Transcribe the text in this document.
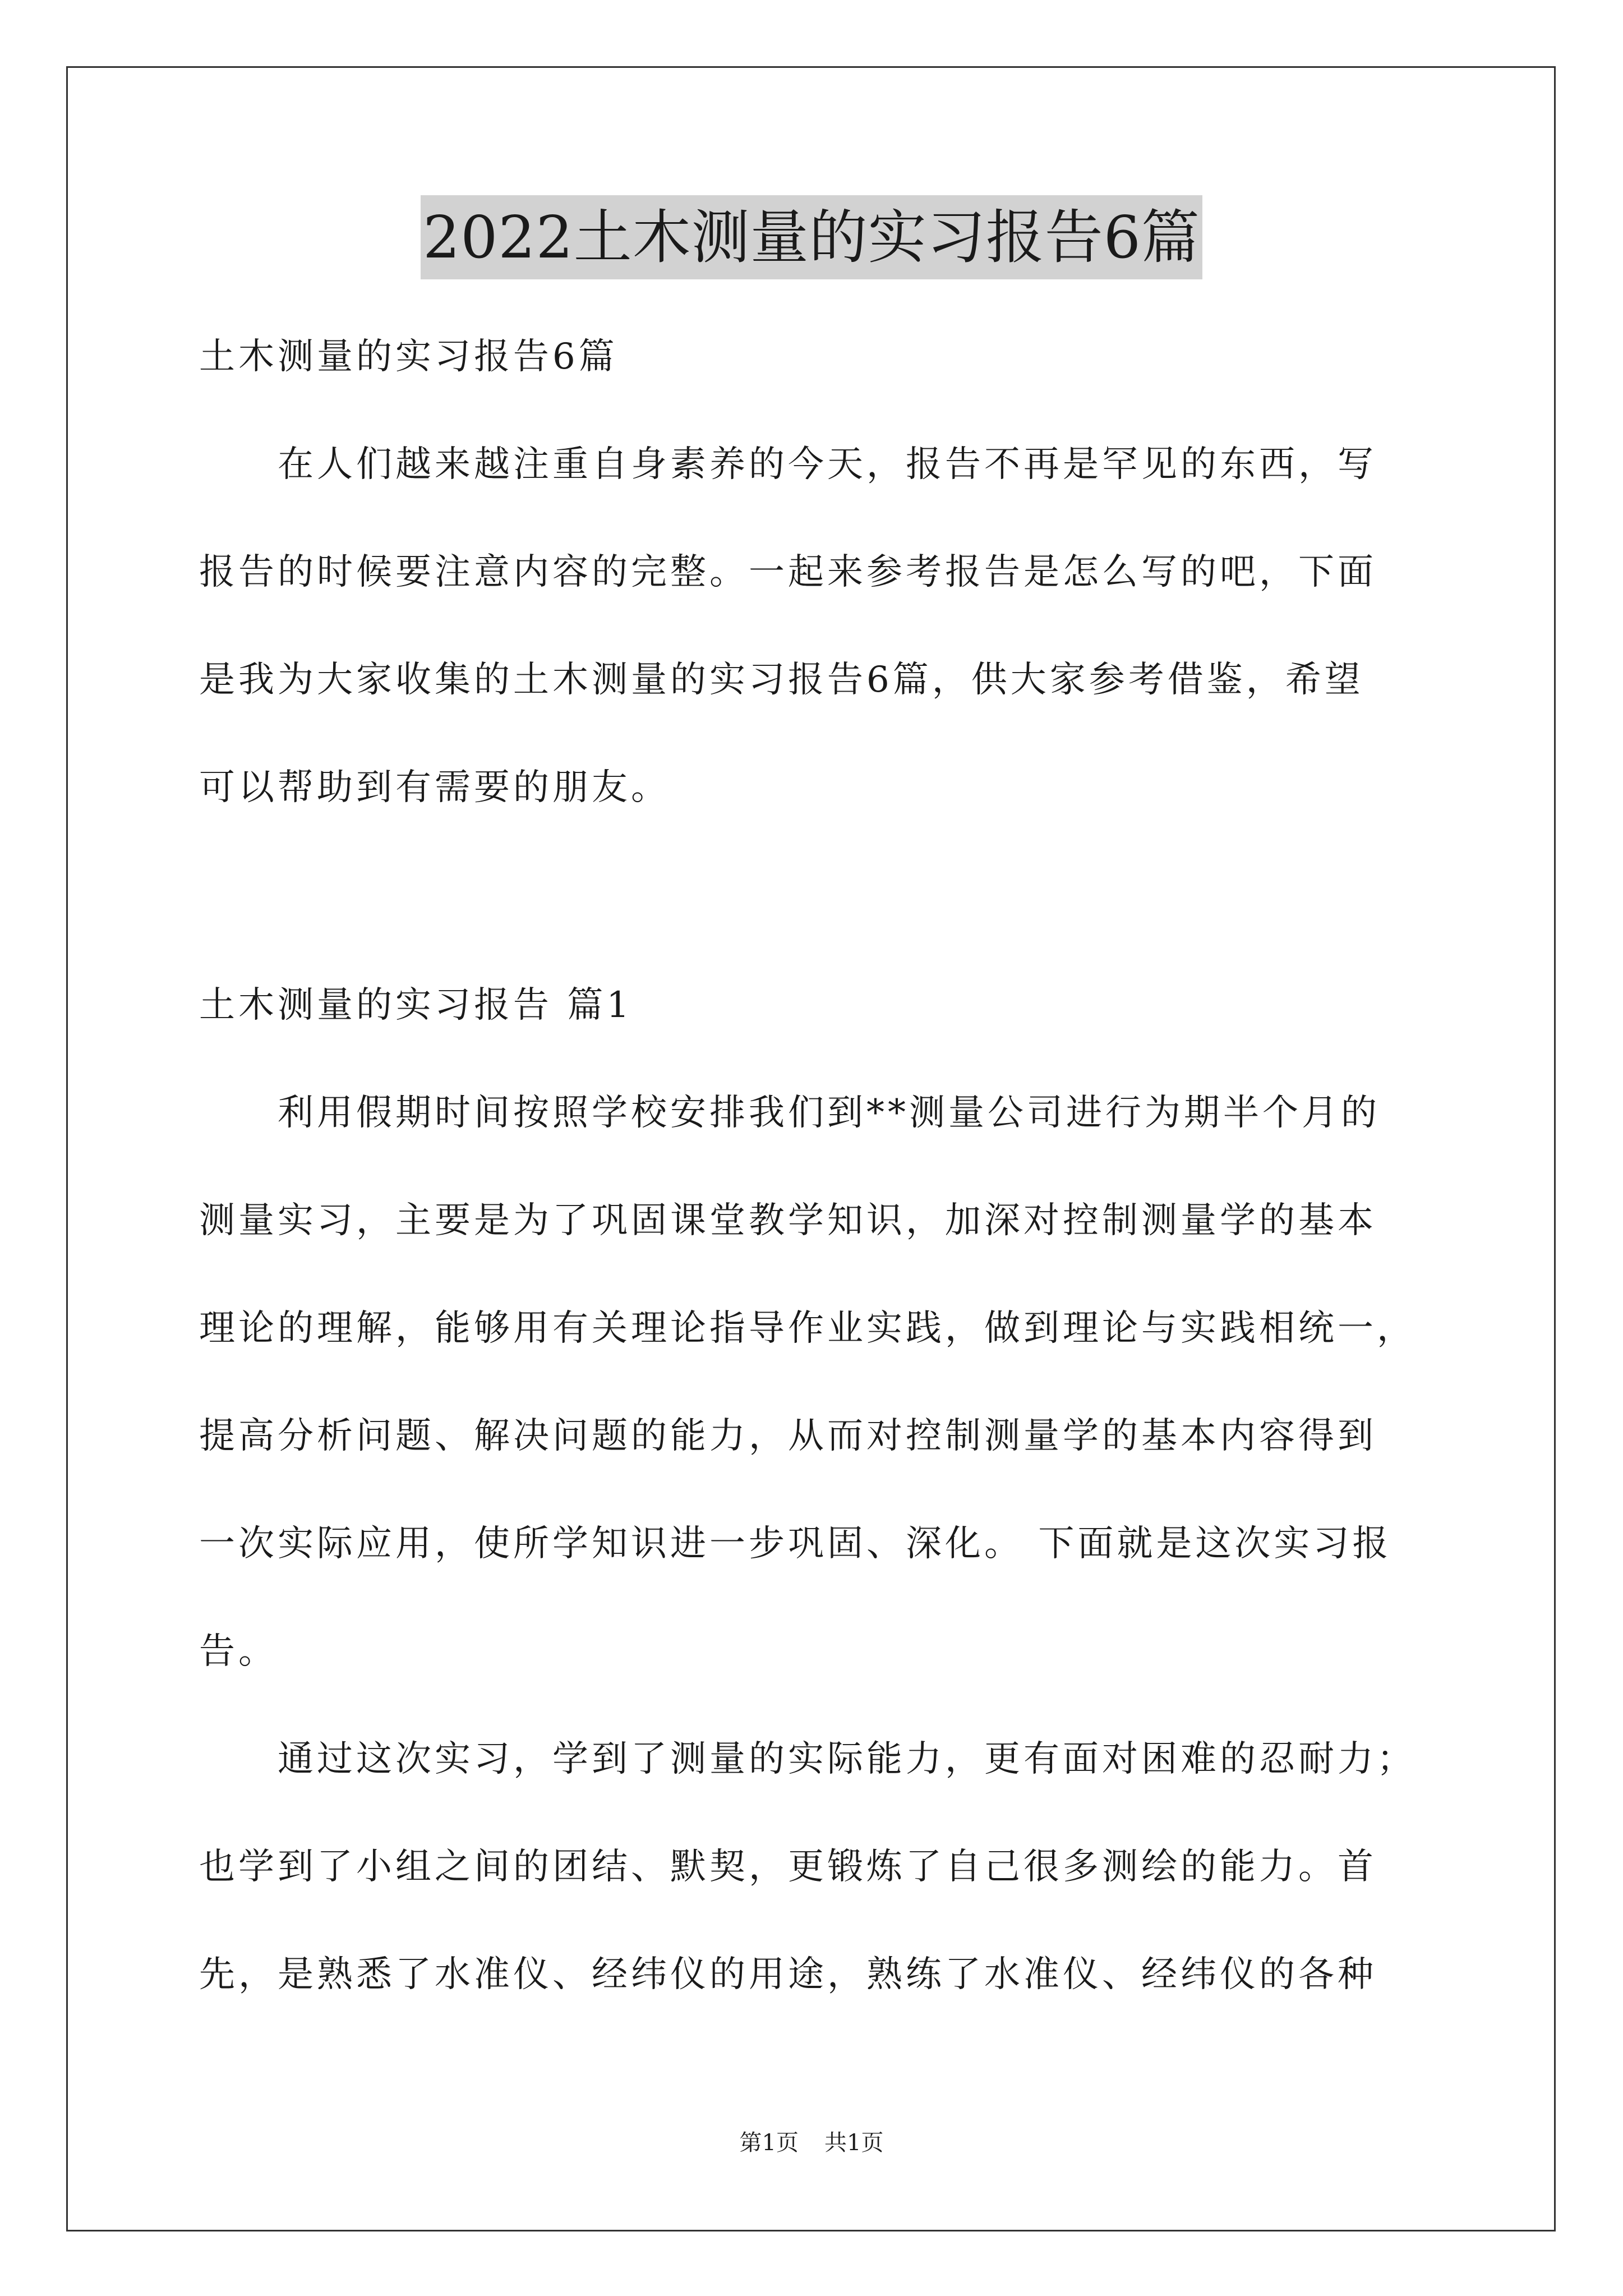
2022土木测量的实习报告6篇
土木测量的实习报告6篇
在人们越来越注重自身素养的今天，报告不再是罕见的东西，写
报告的时候要注意内容的完整。一起来参考报告是怎么写的吧，下面
是我为大家收集的土木测量的实习报告6篇，供大家参考借鉴，希望
可以帮助到有需要的朋友。
土木测量的实习报告 篇1
利用假期时间按照学校安排我们到**测量公司进行为期半个月的
测量实习，主要是为了巩固课堂教学知识，加深对控制测量学的基本
理论的理解，能够用有关理论指导作业实践，做到理论与实践相统一，
提高分析问题、解决问题的能力，从而对控制测量学的基本内容得到
一次实际应用，使所学知识进一步巩固、深化。 下面就是这次实习报
告。
通过这次实习，学到了测量的实际能力，更有面对困难的忍耐力；
也学到了小组之间的团结、默契，更锻炼了自己很多测绘的能力。首
先，是熟悉了水准仪、经纬仪的用途，熟练了水准仪、经纬仪的各种
第1页 共1页
